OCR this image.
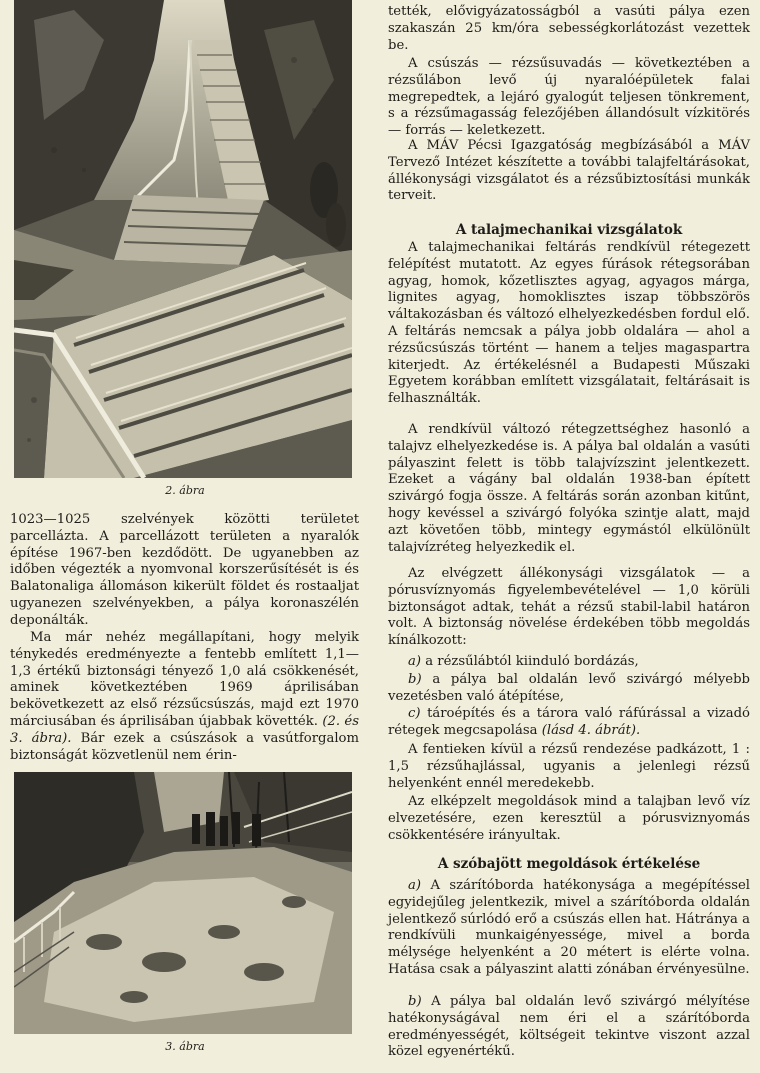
2. ábra

1023—1025 szelvények közötti területet parcellázta. A parcellázott területen a nyaralók építése 1967-ben kezdődött. De ugyanebben az időben végezték a nyomvonal korszerűsítését is és Balatonaliga állomáson kikerült földet és rostaaljat ugyanezen szelvényekben, a pálya koronaszélén deponálták.

Ma már nehéz megállapítani, hogy melyik ténykedés eredményezte a fentebb említett 1,1—1,3 értékű biztonsági tényező 1,0 alá csökkenését, aminek következtében 1969 áprilisában bekövetkezett az első rézsűcsúszás, majd ezt 1970 márciusában és áprilisában újabbak követték. (2. és 3. ábra). Bár ezek a csúszások a vasútforgalom biztonságát közvetlenül nem érin-

3. ábra

tették, elővigyázatosságból a vasúti pálya ezen szakaszán 25 km/óra sebességkorlátozást vezettek be.

A csúszás — rézsűsuvadás — következtében a rézsűlábon levő új nyaralóépületek falai megrepedtek, a lejáró gyalogút teljesen tönkrement, s a rézsűmagasság felezőjében állandósult vízkitörés — forrás — keletkezett.

A MÁV Pécsi Igazgatóság megbízásából a MÁV Tervező Intézet készítette a további talajfeltárásokat, állékonysági vizsgálatot és a rézsűbiztosítási munkák terveit.

A talajmechanikai vizsgálatok

A talajmechanikai feltárás rendkívül rétegezett felépítést mutatott. Az egyes fúrások rétegsorában agyag, homok, kőzetlisztes agyag, agyagos márga, lignites agyag, homoklisztes iszap többszörös váltakozásban és változó elhelyezkedésben fordul elő. A feltárás nemcsak a pálya jobb oldalára — ahol a rézsűcsúszás történt — hanem a teljes magaspartra kiterjedt. Az értékelésnél a Budapesti Műszaki Egyetem korábban említett vizsgálatait, feltárásait is felhasználták.

A rendkívül változó rétegzettséghez hasonló a talajvz elhelyezkedése is. A pálya bal oldalán a vasúti pályaszint felett is több talajvízszint jelentkezett. Ezeket a vágány bal oldalán 1938-ban épített szivárgó fogja össze. A feltárás során azonban kitűnt, hogy kevéssel a szivárgó folyóka szintje alatt, majd azt követően több, mintegy egymástól elkülönült talajvízréteg helyezkedik el.

Az elvégzett állékonysági vizsgálatok — a pórusvíznyomás figyelembevételével — 1,0 körüli biztonságot adtak, tehát a rézsű stabil-labil határon volt. A biztonság növelése érdekében több megoldás kínálkozott:

a) a rézsűlábtól kiinduló bordázás,

b) a pálya bal oldalán levő szivárgó mélyebb vezetésben való átépítése,

c) tároépítés és a tárora való ráfúrással a vizadó rétegek megcsapolása (lásd 4. ábrát).

A fentieken kívül a rézsű rendezése padkázott, 1 : 1,5 rézsűhajlással, ugyanis a jelenlegi rézsű helyenként ennél meredekebb.

Az elképzelt megoldások mind a talajban levő víz elvezetésére, ezen keresztül a pórusviznyomás csökkentésére irányultak.

A szóbajött megoldások értékelése

a) A szárítóborda hatékonysága a megépítéssel egyidejűleg jelentkezik, mivel a szárítóborda oldalán jelentkező súrlódó erő a csúszás ellen hat. Hátránya a rendkívüli munkaigényessége, mivel a borda mélysége helyenként a 20 métert is elérte volna. Hatása csak a pályaszint alatti zónában érvényesülne.

b) A pálya bal oldalán levő szivárgó mélyítése hatékonyságával nem éri el a szárítóborda eredményességét, költségeit tekintve viszont azzal közel egyenértékű.
